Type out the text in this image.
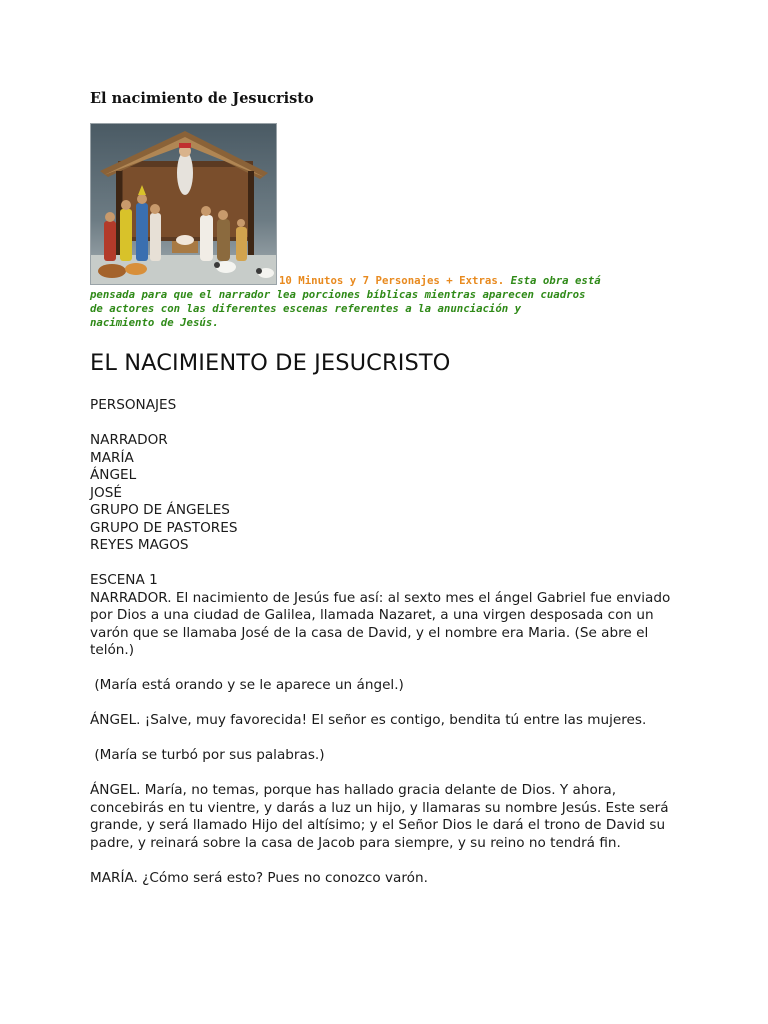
El nacimiento de Jesucristo
10 Minutos y 7 Personajes + Extras. Esta obra está
pensada para que el narrador lea porciones bíblicas mientras aparecen cuadros
de actores con las diferentes escenas referentes a la anunciación y
nacimiento de Jesús.
EL NACIMIENTO DE JESUCRISTO
PERSONAJES
NARRADOR
MARÍA
ÁNGEL
JOSÉ
GRUPO DE ÁNGELES
GRUPO DE PASTORES
REYES MAGOS
ESCENA 1
NARRADOR. El nacimiento de Jesús fue así: al sexto mes el ángel Gabriel fue enviado
por Dios a una ciudad de Galilea, llamada Nazaret, a una virgen desposada con un
varón que se llamaba José de la casa de David, y el nombre era Maria. (Se abre el
telón.)
(María está orando y se le aparece un ángel.)
ÁNGEL. ¡Salve, muy favorecida! El señor es contigo, bendita tú entre las mujeres.
(María se turbó por sus palabras.)
ÁNGEL. María, no temas, porque has hallado gracia delante de Dios. Y ahora,
concebirás en tu vientre, y darás a luz un hijo, y llamaras su nombre Jesús. Este será
grande, y será llamado Hijo del altísimo; y el Señor Dios le dará el trono de David su
padre, y reinará sobre la casa de Jacob para siempre, y su reino no tendrá fin.
MARÍA. ¿Cómo será esto? Pues no conozco varón.
